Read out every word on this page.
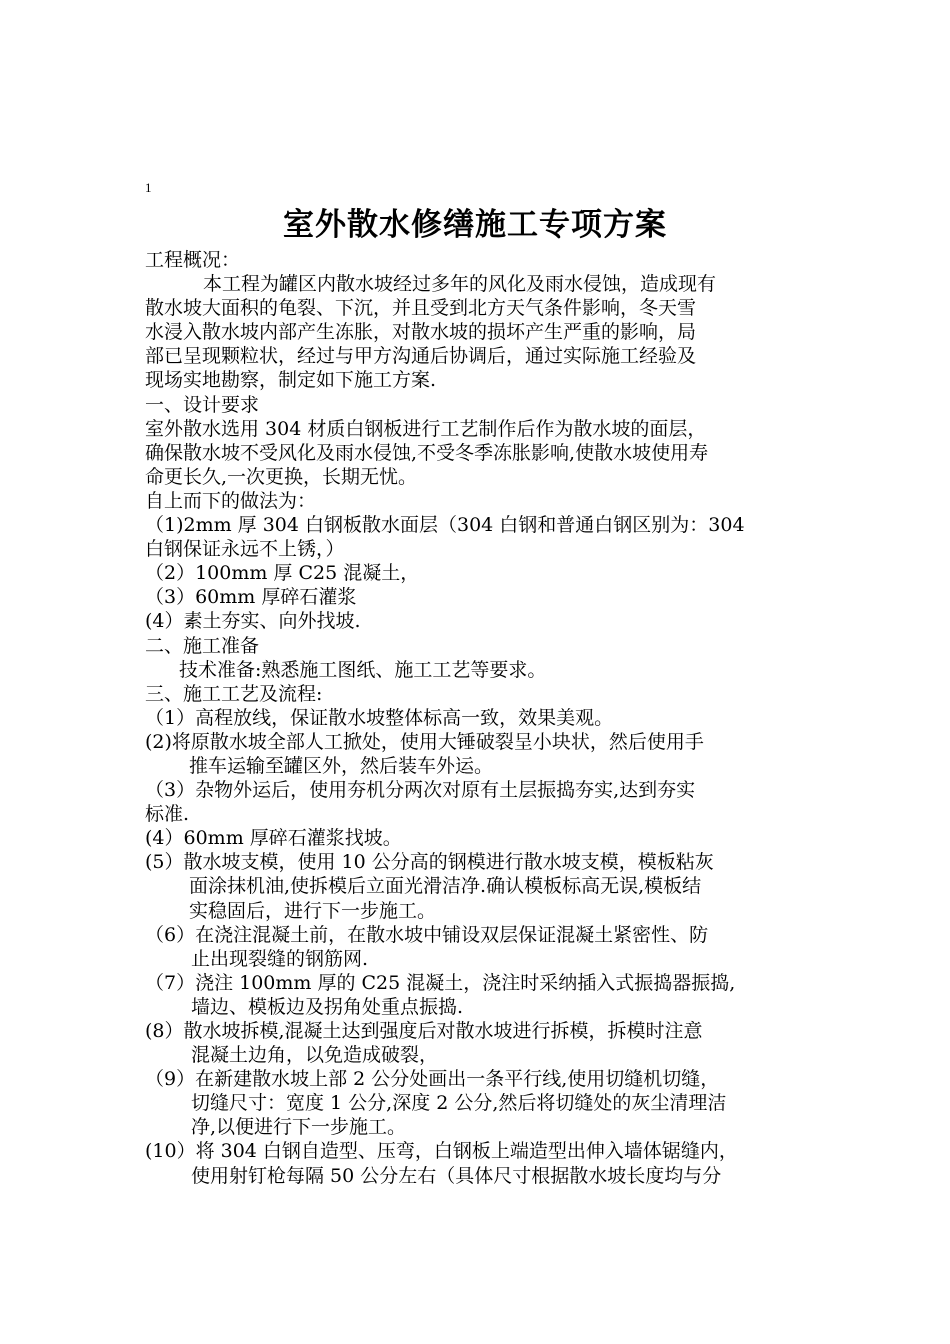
1
室外散水修缮施工专项方案
工程概况：
本工程为罐区内散水坡经过多年的风化及雨水侵蚀，造成现有
散水坡大面积的龟裂、下沉，并且受到北方天气条件影响，冬天雪
水浸入散水坡内部产生冻胀，对散水坡的损坏产生严重的影响，局
部已呈现颗粒状，经过与甲方沟通后协调后，通过实际施工经验及
现场实地勘察，制定如下施工方案.
一、设计要求
室外散水选用 304 材质白钢板进行工艺制作后作为散水坡的面层，
确保散水坡不受风化及雨水侵蚀,不受冬季冻胀影响,使散水坡使用寿
命更长久,一次更换，长期无忧。
自上而下的做法为：
（1)2mm 厚 304 白钢板散水面层（304 白钢和普通白钢区别为：304
白钢保证永远不上锈，）
（2）100mm 厚 C25 混凝土，
（3）60mm 厚碎石灌浆
(4）素土夯实、向外找坡.
二、施工准备
技术准备:熟悉施工图纸、施工工艺等要求。
三、施工工艺及流程:
（1）高程放线，保证散水坡整体标高一致，效果美观。
(2)将原散水坡全部人工掀处，使用大锤破裂呈小块状，然后使用手
推车运输至罐区外，然后装车外运。
（3）杂物外运后，使用夯机分两次对原有土层振捣夯实,达到夯实
标准.
(4）60mm 厚碎石灌浆找坡。
(5）散水坡支模，使用 10 公分高的钢模进行散水坡支模，模板粘灰
面涂抹机油,使拆模后立面光滑洁净.确认模板标高无误,模板结
实稳固后，进行下一步施工。
（6）在浇注混凝土前，在散水坡中铺设双层保证混凝土紧密性、防
止出现裂缝的钢筋网.
（7）浇注 100mm 厚的 C25 混凝土，浇注时采纳插入式振捣器振捣,
墙边、模板边及拐角处重点振捣.
(8）散水坡拆模,混凝土达到强度后对散水坡进行拆模，拆模时注意
混凝土边角，以免造成破裂，
（9）在新建散水坡上部 2 公分处画出一条平行线,使用切缝机切缝，
切缝尺寸：宽度 1 公分,深度 2 公分,然后将切缝处的灰尘清理洁
净,以便进行下一步施工。
(10）将 304 白钢自造型、压弯，白钢板上端造型出伸入墙体锯缝内，
使用射钉枪每隔 50 公分左右（具体尺寸根据散水坡长度均与分
